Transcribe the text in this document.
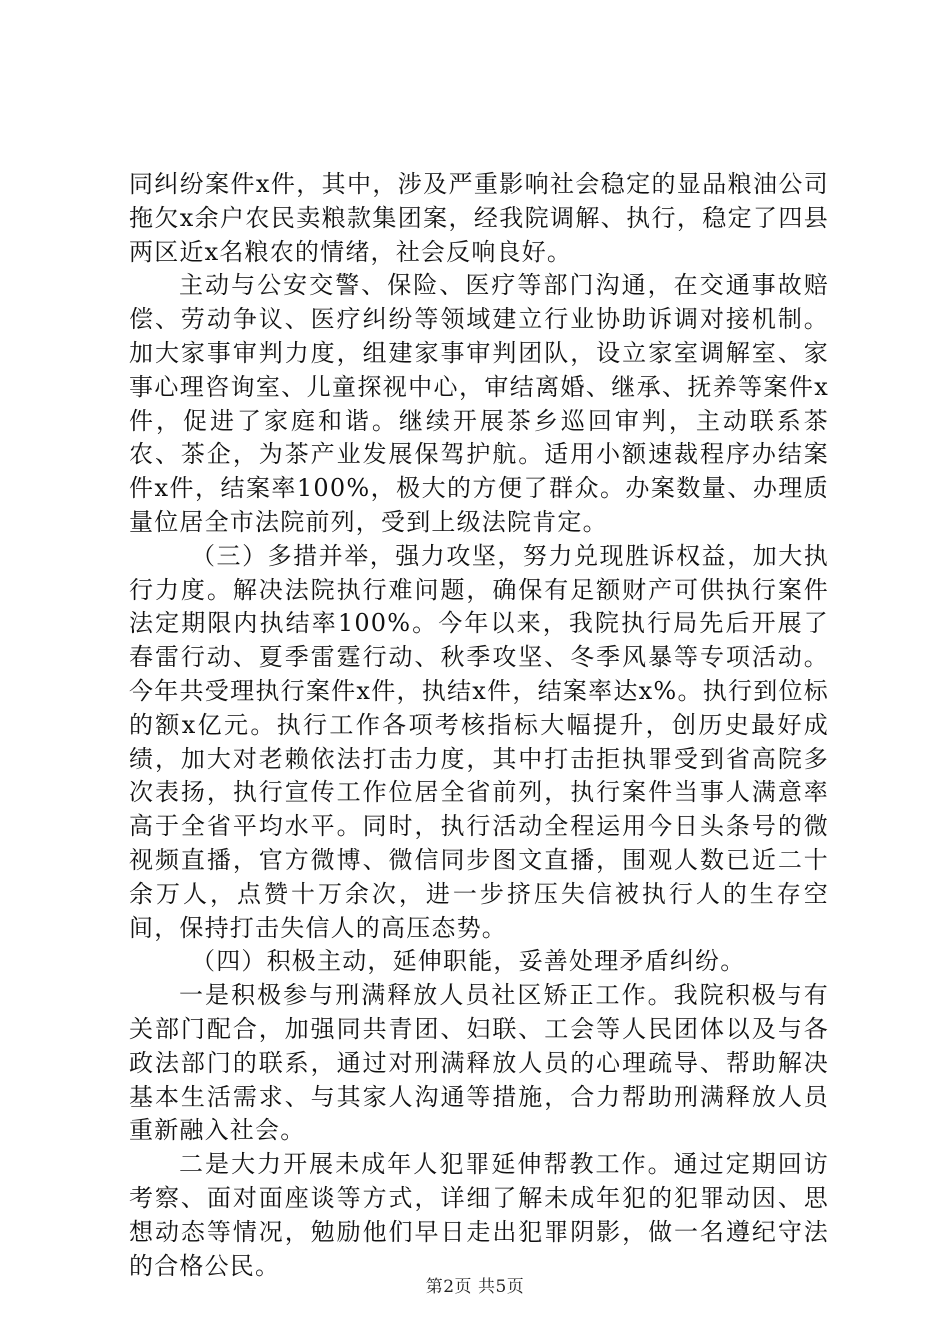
同纠纷案件x件，其中，涉及严重影响社会稳定的显品粮油公司拖欠x余户农民卖粮款集团案，经我院调解、执行，稳定了四县两区近x名粮农的情绪，社会反响良好。

主动与公安交警、保险、医疗等部门沟通，在交通事故赔偿、劳动争议、医疗纠纷等领域建立行业协助诉调对接机制。加大家事审判力度，组建家事审判团队，设立家室调解室、家事心理咨询室、儿童探视中心，审结离婚、继承、抚养等案件x件，促进了家庭和谐。继续开展茶乡巡回审判，主动联系茶农、茶企，为茶产业发展保驾护航。适用小额速裁程序办结案件x件，结案率100%，极大的方便了群众。办案数量、办理质量位居全市法院前列，受到上级法院肯定。

（三）多措并举，强力攻坚，努力兑现胜诉权益，加大执行力度。解决法院执行难问题，确保有足额财产可供执行案件法定期限内执结率100%。今年以来，我院执行局先后开展了春雷行动、夏季雷霆行动、秋季攻坚、冬季风暴等专项活动。今年共受理执行案件x件，执结x件，结案率达x%。执行到位标的额x亿元。执行工作各项考核指标大幅提升，创历史最好成绩，加大对老赖依法打击力度，其中打击拒执罪受到省高院多次表扬，执行宣传工作位居全省前列，执行案件当事人满意率高于全省平均水平。同时，执行活动全程运用今日头条号的微视频直播，官方微博、微信同步图文直播，围观人数已近二十余万人，点赞十万余次，进一步挤压失信被执行人的生存空间，保持打击失信人的高压态势。

（四）积极主动，延伸职能，妥善处理矛盾纠纷。

一是积极参与刑满释放人员社区矫正工作。我院积极与有关部门配合，加强同共青团、妇联、工会等人民团体以及与各政法部门的联系，通过对刑满释放人员的心理疏导、帮助解决基本生活需求、与其家人沟通等措施，合力帮助刑满释放人员重新融入社会。

二是大力开展未成年人犯罪延伸帮教工作。通过定期回访考察、面对面座谈等方式，详细了解未成年犯的犯罪动因、思想动态等情况，勉励他们早日走出犯罪阴影，做一名遵纪守法的合格公民。

第2页 共5页
